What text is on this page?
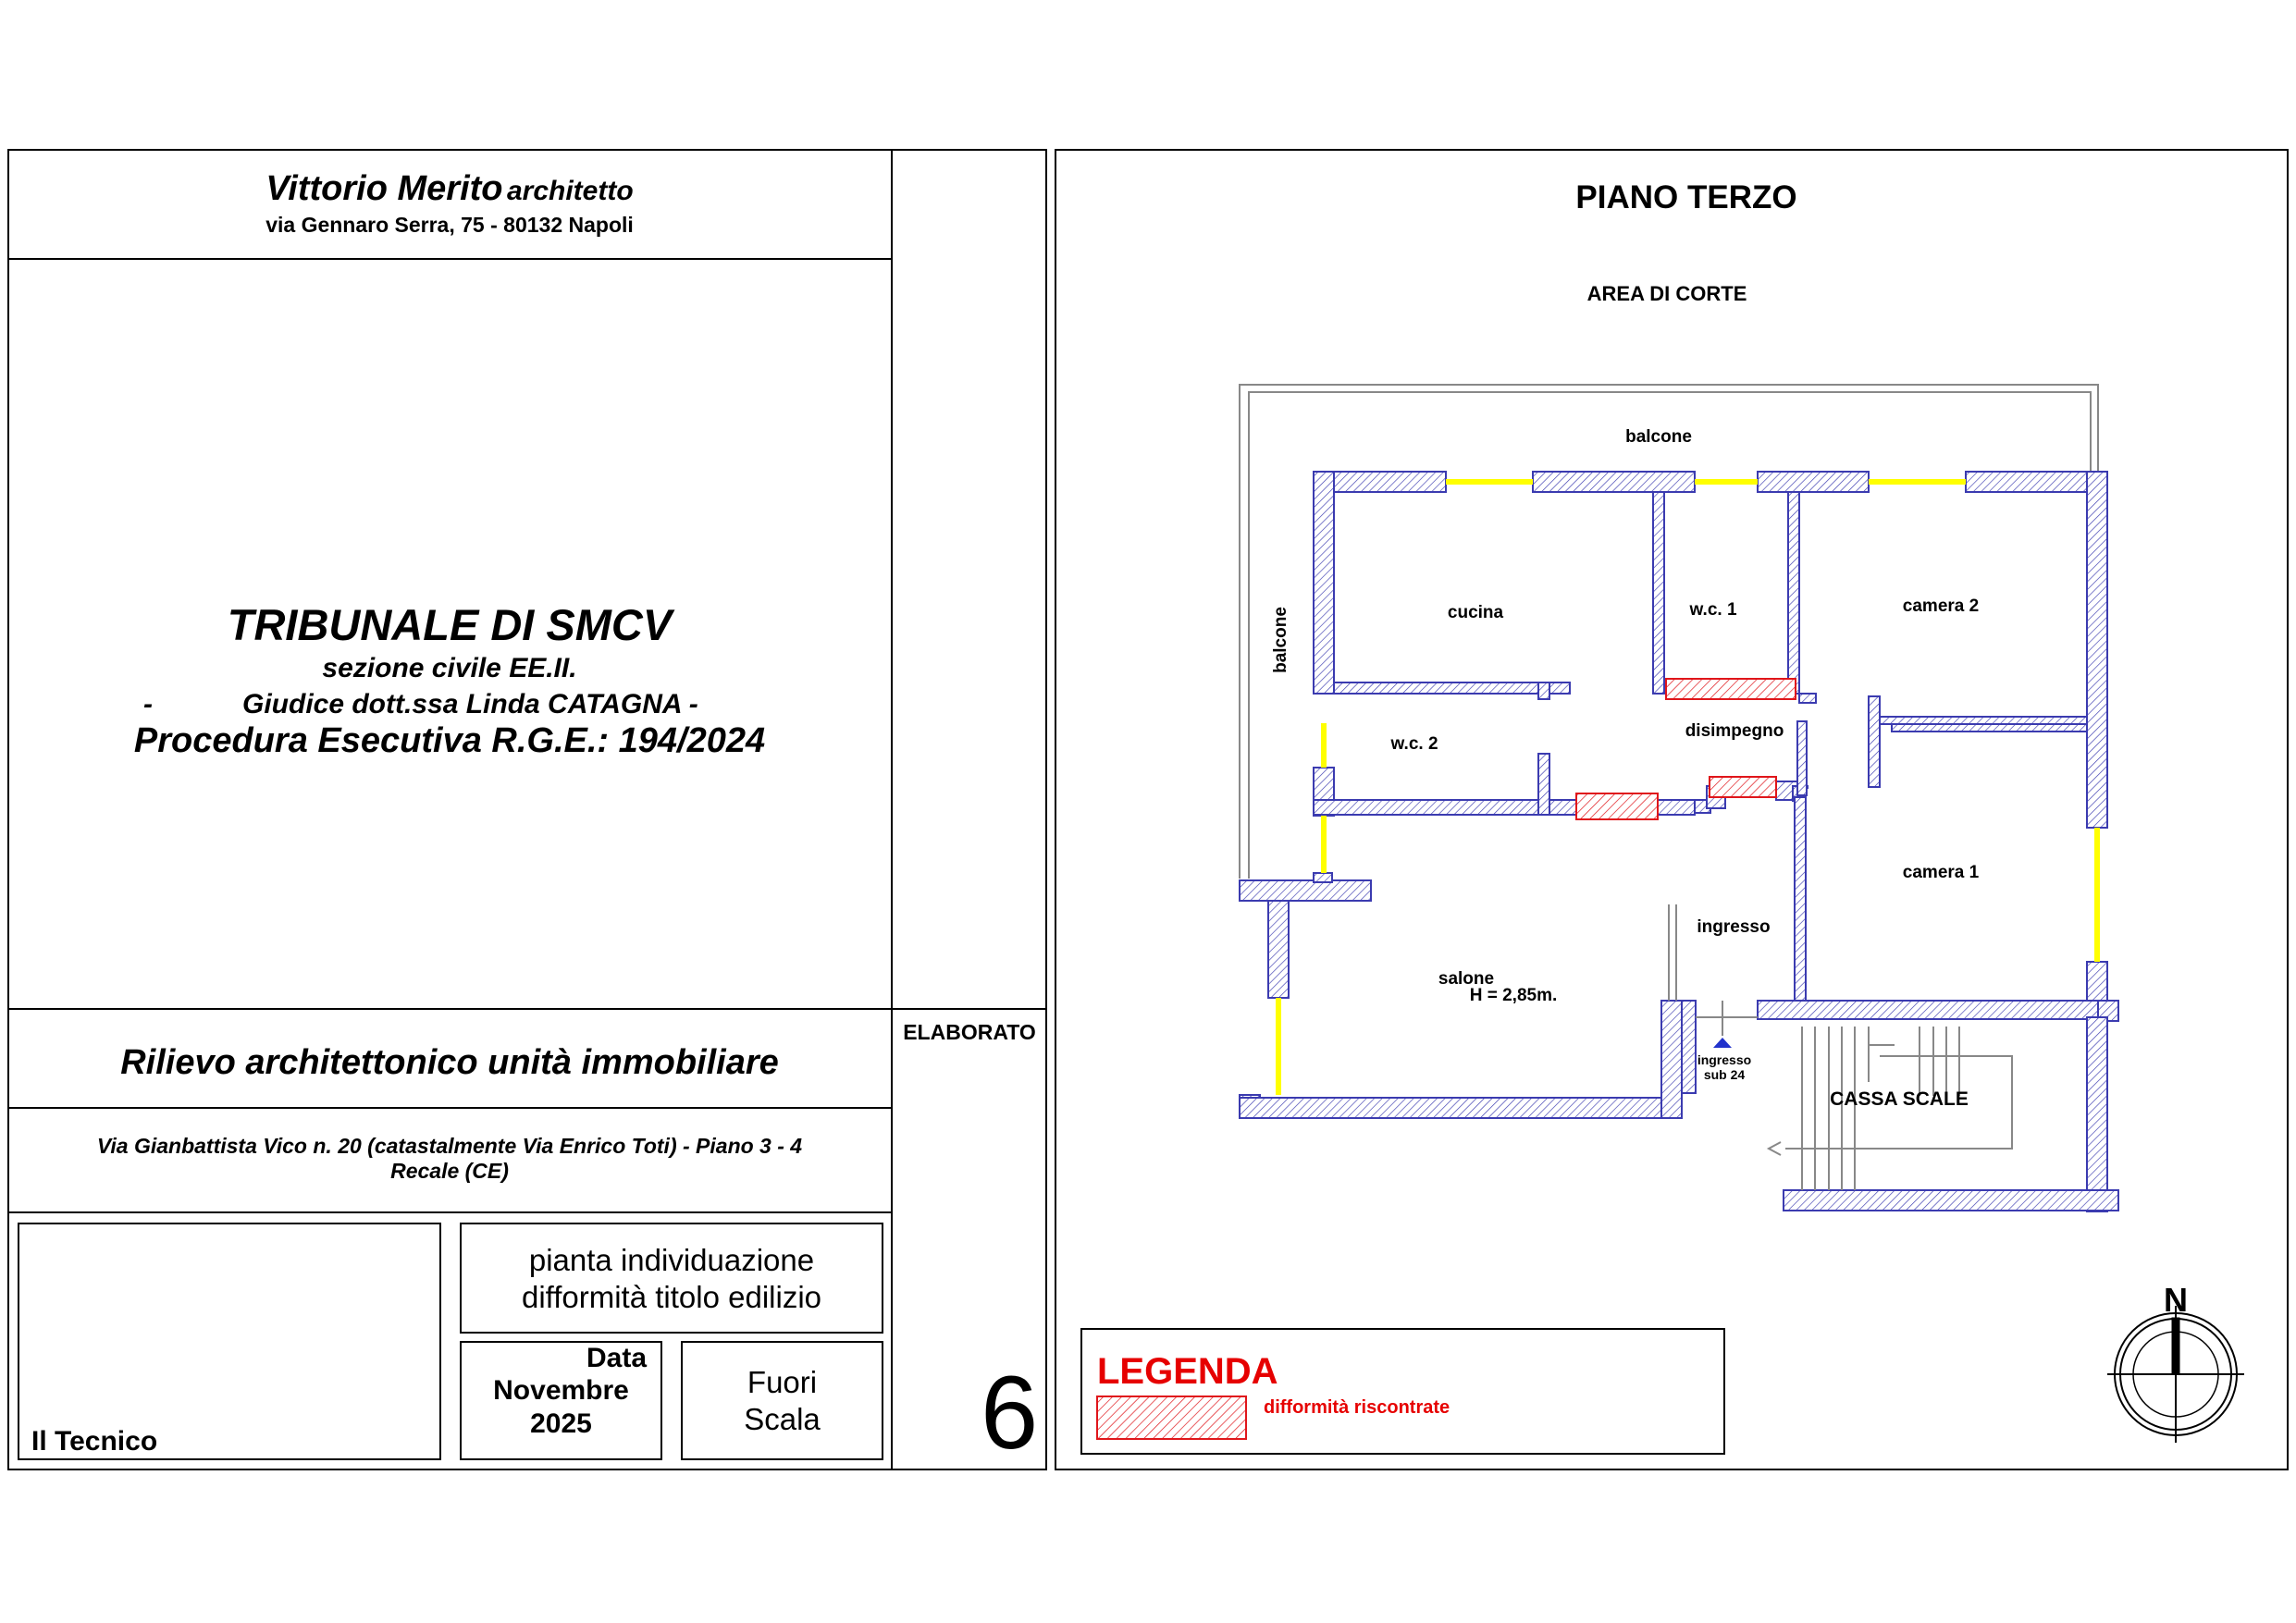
Vittorio Merito architetto
via Gennaro Serra, 75 - 80132 Napoli
TRIBUNALE DI SMCV
sezione civile EE.II.
-	Giudice dott.ssa Linda CATAGNA -
Procedura Esecutiva R.G.E.: 194/2024
Rilievo architettonico unità immobiliare
Via Gianbattista Vico n. 20 (catastalmente Via Enrico Toti) - Piano 3 - 4
Recale (CE)
Il Tecnico
pianta individuazione
difformità titolo edilizio
Data
Novembre
2025
Fuori
Scala
ELABORATO
6
PIANO TERZO
AREA DI CORTE
balcone
balcone	cucina	w.c. 1	camera 2
disimpegno
w.c. 2
camera 1
ingresso
salone
H = 2,85m.
ingresso
sub 24
CASSA SCALE
N
LEGENDA
difformità riscontrate
